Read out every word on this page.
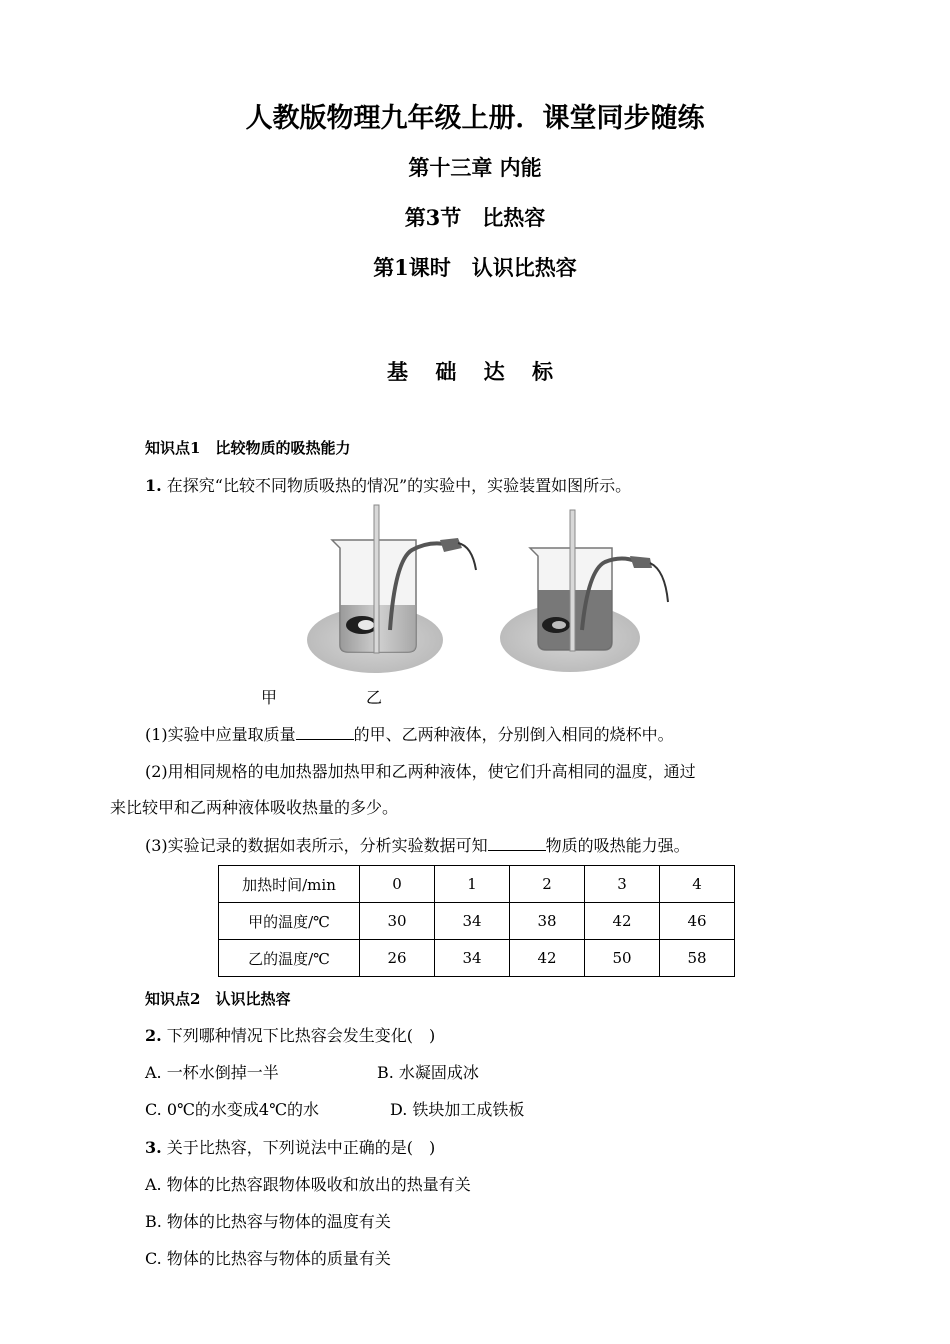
人教版物理九年级上册．课堂同步随练
第十三章 内能
第3节　比热容
第1课时　认识比热容
基 础 达 标
知识点1　比较物质的吸热能力
1. 在探究“比较不同物质吸热的情况”的实验中，实验装置如图所示。
甲	乙
(1)实验中应量取质量	的甲、乙两种液体，分别倒入相同的烧杯中。
(2)用相同规格的电加热器加热甲和乙两种液体，使它们升高相同的温度，通过
来比较甲和乙两种液体吸收热量的多少。
(3)实验记录的数据如表所示，分析实验数据可知	物质的吸热能力强。
加热时间/min	0	1	2	3	4
甲的温度/℃	30	34	38	42	46
乙的温度/℃	26	34	42	50	58
知识点2　认识比热容
2. 下列哪种情况下比热容会发生变化(　)
A. 一杯水倒掉一半	B. 水凝固成冰
C. 0℃的水变成4℃的水	D. 铁块加工成铁板
3. 关于比热容，下列说法中正确的是(　)
A. 物体的比热容跟物体吸收和放出的热量有关
B. 物体的比热容与物体的温度有关
C. 物体的比热容与物体的质量有关
